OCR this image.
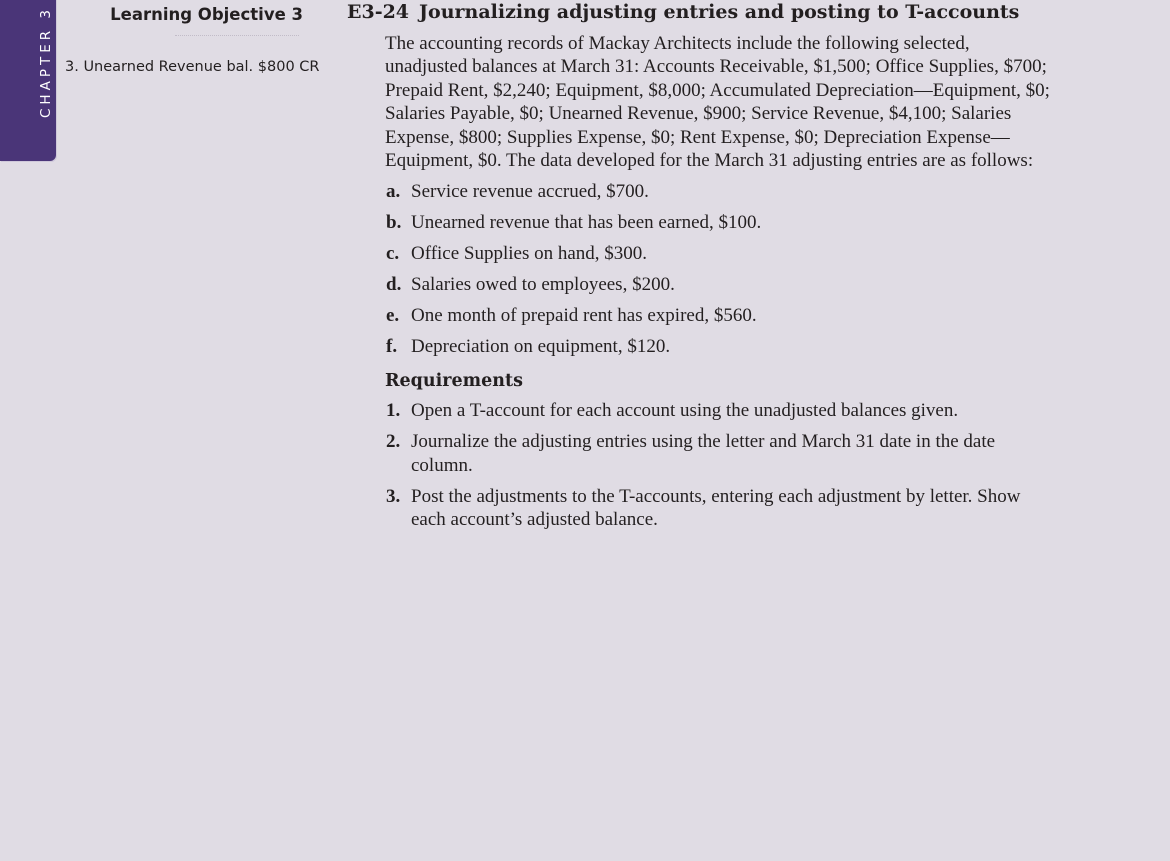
CHAPTER 3	Learning Objective 3
3. Unearned Revenue bal. $800 CR
E3-24 Journalizing adjusting entries and posting to T-accounts

The accounting records of Mackay Architects include the following selected, unadjusted balances at March 31: Accounts Receivable, $1,500; Office Supplies, $700; Prepaid Rent, $2,240; Equipment, $8,000; Accumulated Depreciation—Equipment, $0; Salaries Payable, $0; Unearned Revenue, $900; Service Revenue, $4,100; Salaries Expense, $800; Supplies Expense, $0; Rent Expense, $0; Depreciation Expense—Equipment, $0. The data developed for the March 31 adjusting entries are as follows:

a. Service revenue accrued, $700.
b. Unearned revenue that has been earned, $100.
c. Office Supplies on hand, $300.
d. Salaries owed to employees, $200.
e. One month of prepaid rent has expired, $560.
f. Depreciation on equipment, $120.
Requirements
1. Open a T-account for each account using the unadjusted balances given.
2. Journalize the adjusting entries using the letter and March 31 date in the date column.
3. Post the adjustments to the T-accounts, entering each adjustment by letter. Show each account’s adjusted balance.
